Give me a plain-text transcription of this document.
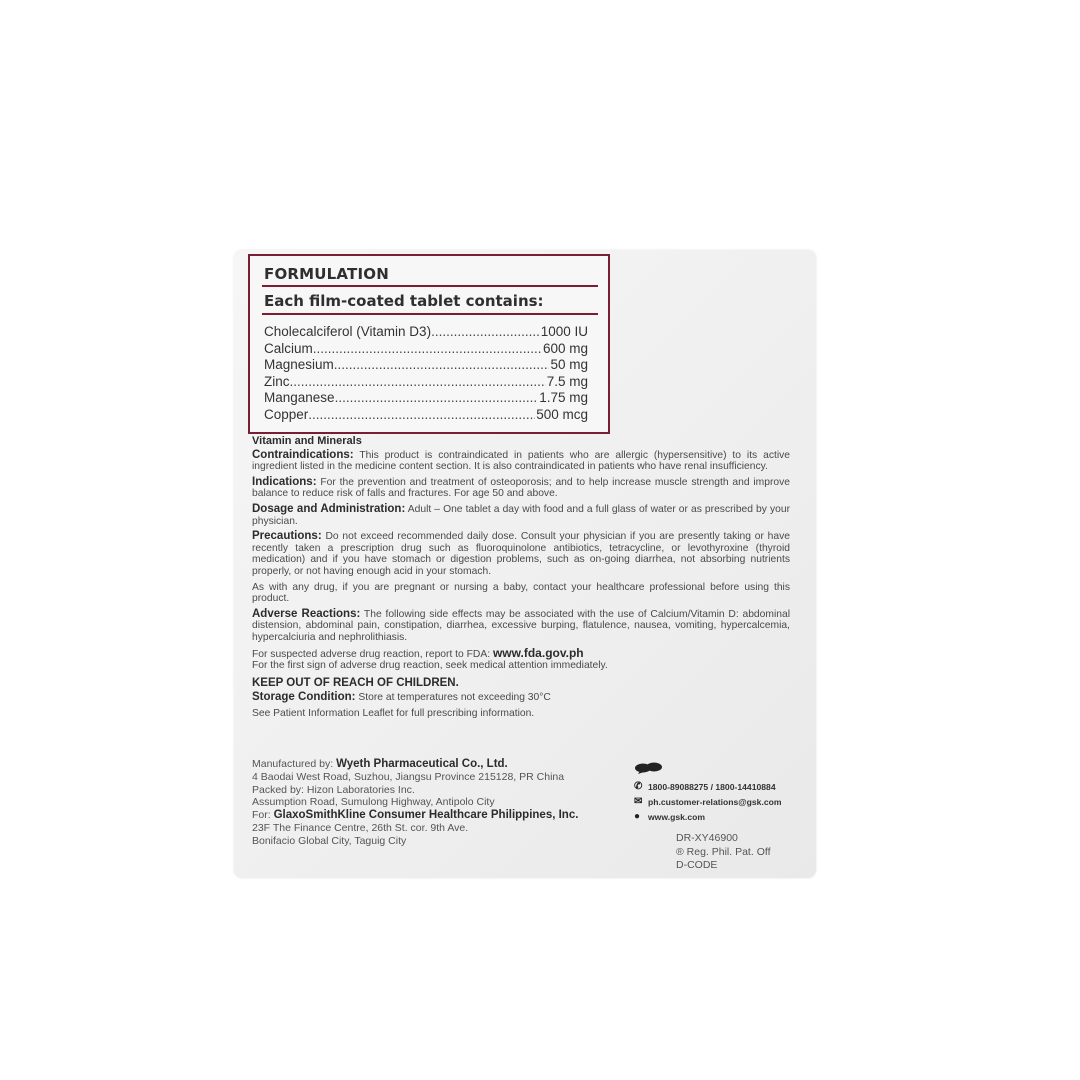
FORMULATION
Each film-coated tablet contains:
Cholecalciferol (Vitamin D3) .....	1000 IU
Calcium .....	600 mg
Magnesium .....	50 mg
Zinc .....	7.5 mg
Manganese .....	1.75 mg
Copper .....	500 mcg
Vitamin and Minerals

Contraindications: This product is contraindicated in patients who are allergic (hypersensitive) to its active ingredient listed in the medicine content section. It is also contraindicated in patients who have renal insufficiency.

Indications: For the prevention and treatment of osteoporosis; and to help increase muscle strength and improve balance to reduce risk of falls and fractures. For age 50 and above.

Dosage and Administration: Adult – One tablet a day with food and a full glass of water or as prescribed by your physician.

Precautions: Do not exceed recommended daily dose. Consult your physician if you are presently taking or have recently taken a prescription drug such as fluoroquinolone antibiotics, tetracycline, or levothyroxine (thyroid medication) and if you have stomach or digestion problems, such as on-going diarrhea, not absorbing nutrients properly, or not having enough acid in your stomach.

As with any drug, if you are pregnant or nursing a baby, contact your healthcare professional before using this product.

Adverse Reactions: The following side effects may be associated with the use of Calcium/Vitamin D: abdominal distension, abdominal pain, constipation, diarrhea, excessive burping, flatulence, nausea, vomiting, hypercalcemia, hypercalciuria and nephrolithiasis.

For suspected adverse drug reaction, report to FDA: www.fda.gov.ph
For the first sign of adverse drug reaction, seek medical attention immediately.
KEEP OUT OF REACH OF CHILDREN.
Storage Condition: Store at temperatures not exceeding 30°C
See Patient Information Leaflet for full prescribing information.
Manufactured by: Wyeth Pharmaceutical Co., Ltd.
4 Baodai West Road, Suzhou, Jiangsu Province 215128, PR China
Packed by: Hizon Laboratories Inc.
Assumption Road, Sumulong Highway, Antipolo City
For: GlaxoSmithKline Consumer Healthcare Philippines, Inc.
23F The Finance Centre, 26th St. cor. 9th Ave.
Bonifacio Global City, Taguig City
✆ 1800-89088275 / 1800-14410884
✉ ph.customer-relations@gsk.com
● www.gsk.com
DR-XY46900
® Reg. Phil. Pat. Off
D-CODE
